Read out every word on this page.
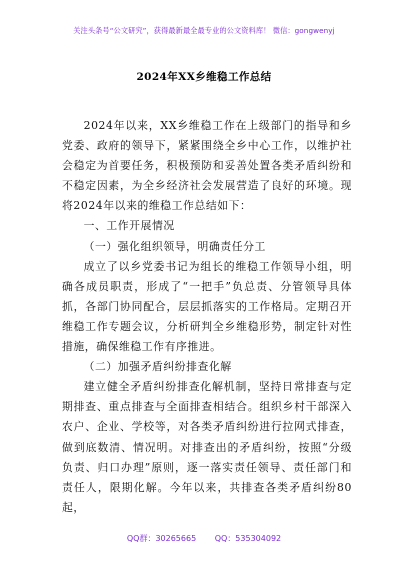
关注头条号“公文研究”，获得最新最全最专业的公文资料库！ 微信：gongwenyj
2024年XX乡维稳工作总结

2024年以来，XX乡维稳工作在上级部门的指导和乡党委、政府的领导下，紧紧围绕全乡中心工作，以维护社会稳定为首要任务，积极预防和妥善处置各类矛盾纠纷和不稳定因素，为全乡经济社会发展营造了良好的环境。现将2024年以来的维稳工作总结如下：

一、工作开展情况

（一）强化组织领导，明确责任分工

成立了以乡党委书记为组长的维稳工作领导小组，明确各成员职责，形成了“一把手”负总责、分管领导具体抓，各部门协同配合，层层抓落实的工作格局。定期召开维稳工作专题会议，分析研判全乡维稳形势，制定针对性措施，确保维稳工作有序推进。

（二）加强矛盾纠纷排查化解

建立健全矛盾纠纷排查化解机制，坚持日常排查与定期排查、重点排查与全面排查相结合。组织乡村干部深入农户、企业、学校等，对各类矛盾纠纷进行拉网式排查，做到底数清、情况明。对排查出的矛盾纠纷，按照“分级负责、归口办理”原则，逐一落实责任领导、责任部门和责任人，限期化解。今年以来，共排查各类矛盾纠纷80起，

QQ群：30265665 QQ：535304092
